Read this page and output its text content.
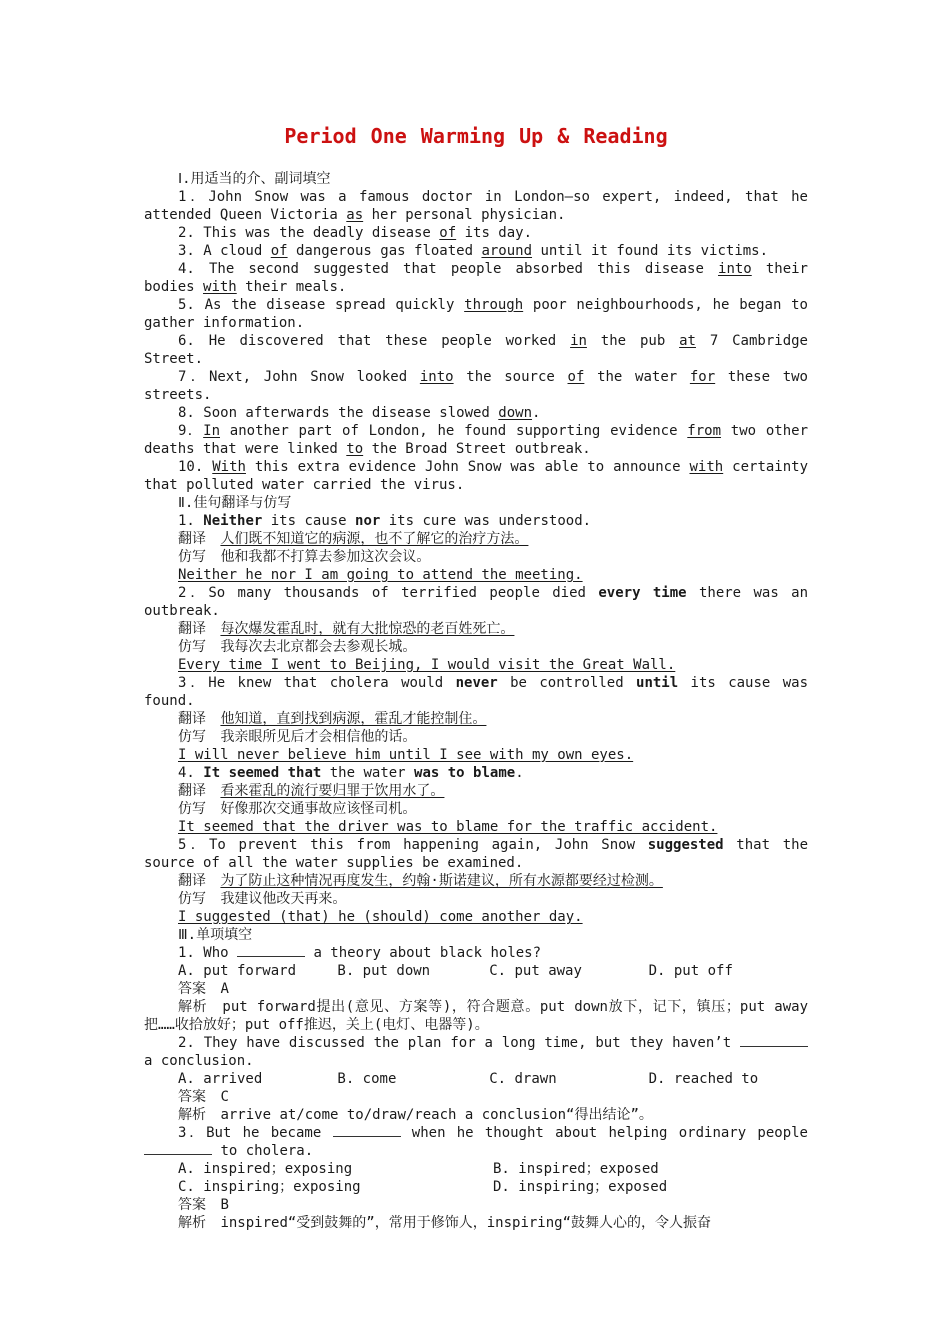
Period One Warming Up & Reading

Ⅰ.用适当的介、副词填空

1．John Snow was a famous doctor in London—so expert, indeed, that he attended Queen Victoria as her personal physician.

2. This was the deadly disease of its day.

3. A cloud of dangerous gas floated around until it found its victims.

4. The second suggested that people absorbed this disease into their bodies with their meals.

5. As the disease spread quickly through poor neighbourhoods, he began to gather information.

6. He discovered that these people worked in the pub at 7 Cambridge Street.

7．Next, John Snow looked into the source of the water for these two streets.

8. Soon afterwards the disease slowed down.

9．In another part of London, he found supporting evidence from two other deaths that were linked to the Broad Street outbreak.

10. With this extra evidence John Snow was able to announce with certainty that polluted water carried the virus.

Ⅱ.佳句翻译与仿写

1. Neither its cause nor its cure was understood.

翻译 人们既不知道它的病源，也不了解它的治疗方法。

仿写 他和我都不打算去参加这次会议。

Neither he nor I am going to attend the meeting.

2．So many thousands of terrified people died every time there was an outbreak.

翻译 每次爆发霍乱时，就有大批惊恐的老百姓死亡。

仿写 我每次去北京都会去参观长城。

Every time I went to Beijing, I would visit the Great Wall.

3．He knew that cholera would never be controlled until its cause was found.

翻译 他知道，直到找到病源，霍乱才能控制住。

仿写 我亲眼所见后才会相信他的话。

I will never believe him until I see with my own eyes.

4. It seemed that the water was to blame.

翻译 看来霍乱的流行要归罪于饮用水了。

仿写 好像那次交通事故应该怪司机。

It seemed that the driver was to blame for the traffic accident.

5．To prevent this from happening again, John Snow suggested that the source of all the water supplies be examined.

翻译 为了防止这种情况再度发生，约翰·斯诺建议，所有水源都要经过检测。

仿写 我建议他改天再来。

I suggested (that) he (should) come another day.

Ⅲ.单项填空

1. Who	a theory about black holes?

A. put forward	B. put down	C. put away	D. put off

答案 A

解析 put forward提出(意见、方案等)，符合题意。put down放下，记下，镇压；put away把……收拾放好；put off推迟，关上(电灯、电器等)。

2. They have discussed the plan for a long time, but they haven’t  a conclusion.

A. arrived	B. come	C. drawn	D. reached to

答案 C

解析 arrive at/come to/draw/reach a conclusion“得出结论”。

3．But he became	when he thought about helping ordinary people  to cholera.

A. inspired；exposing	B. inspired；exposed
C. inspiring；exposing	D. inspiring；exposed

答案 B

解析 inspired“受到鼓舞的”，常用于修饰人，inspiring“鼓舞人心的，令人振奋
